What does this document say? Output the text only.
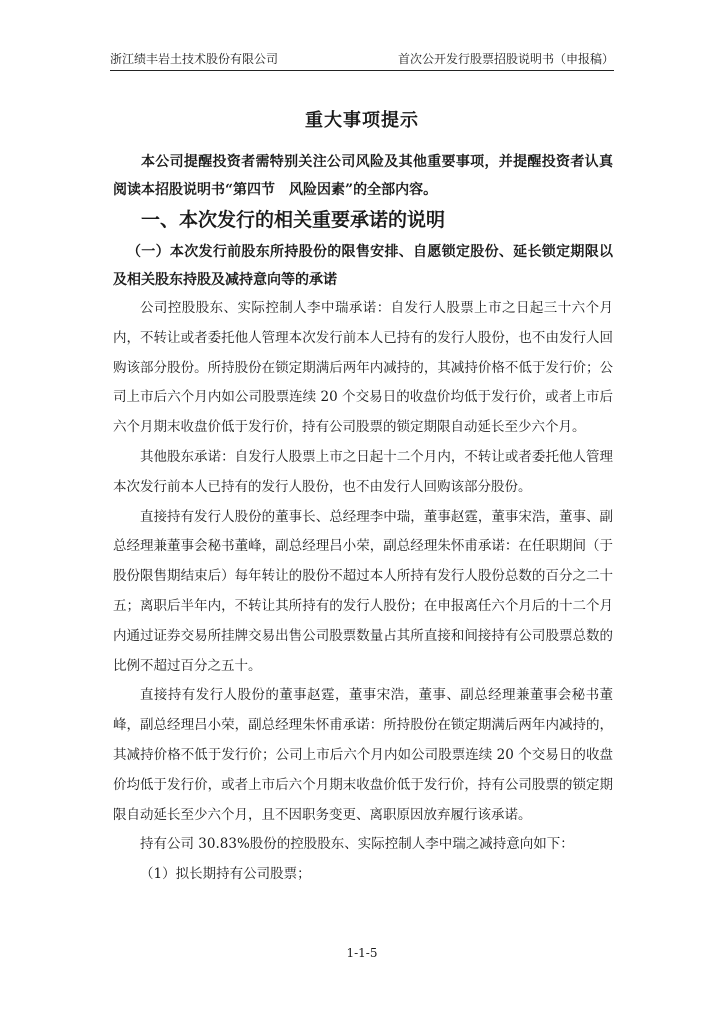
浙江绩丰岩土技术股份有限公司	首次公开发行股票招股说明书（申报稿）
重大事项提示

本公司提醒投资者需特别关注公司风险及其他重要事项，并提醒投资者认真阅读本招股说明书“第四节　风险因素”的全部内容。

一、本次发行的相关重要承诺的说明

（一）本次发行前股东所持股份的限售安排、自愿锁定股份、延长锁定期限以及相关股东持股及减持意向等的承诺

公司控股股东、实际控制人李中瑞承诺：自发行人股票上市之日起三十六个月内，不转让或者委托他人管理本次发行前本人已持有的发行人股份，也不由发行人回购该部分股份。所持股份在锁定期满后两年内减持的，其减持价格不低于发行价；公司上市后六个月内如公司股票连续 20 个交易日的收盘价均低于发行价，或者上市后六个月期末收盘价低于发行价，持有公司股票的锁定期限自动延长至少六个月。

其他股东承诺：自发行人股票上市之日起十二个月内，不转让或者委托他人管理本次发行前本人已持有的发行人股份，也不由发行人回购该部分股份。

直接持有发行人股份的董事长、总经理李中瑞，董事赵霆，董事宋浩，董事、副总经理兼董事会秘书董峰，副总经理吕小荣，副总经理朱怀甫承诺：在任职期间（于股份限售期结束后）每年转让的股份不超过本人所持有发行人股份总数的百分之二十五；离职后半年内，不转让其所持有的发行人股份；在申报离任六个月后的十二个月内通过证券交易所挂牌交易出售公司股票数量占其所直接和间接持有公司股票总数的比例不超过百分之五十。

直接持有发行人股份的董事赵霆，董事宋浩，董事、副总经理兼董事会秘书董峰，副总经理吕小荣，副总经理朱怀甫承诺：所持股份在锁定期满后两年内减持的，其减持价格不低于发行价；公司上市后六个月内如公司股票连续 20 个交易日的收盘价均低于发行价，或者上市后六个月期末收盘价低于发行价，持有公司股票的锁定期限自动延长至少六个月，且不因职务变更、离职原因放弃履行该承诺。

持有公司 30.83%股份的控股股东、实际控制人李中瑞之减持意向如下：

（1）拟长期持有公司股票；

1-1-5
